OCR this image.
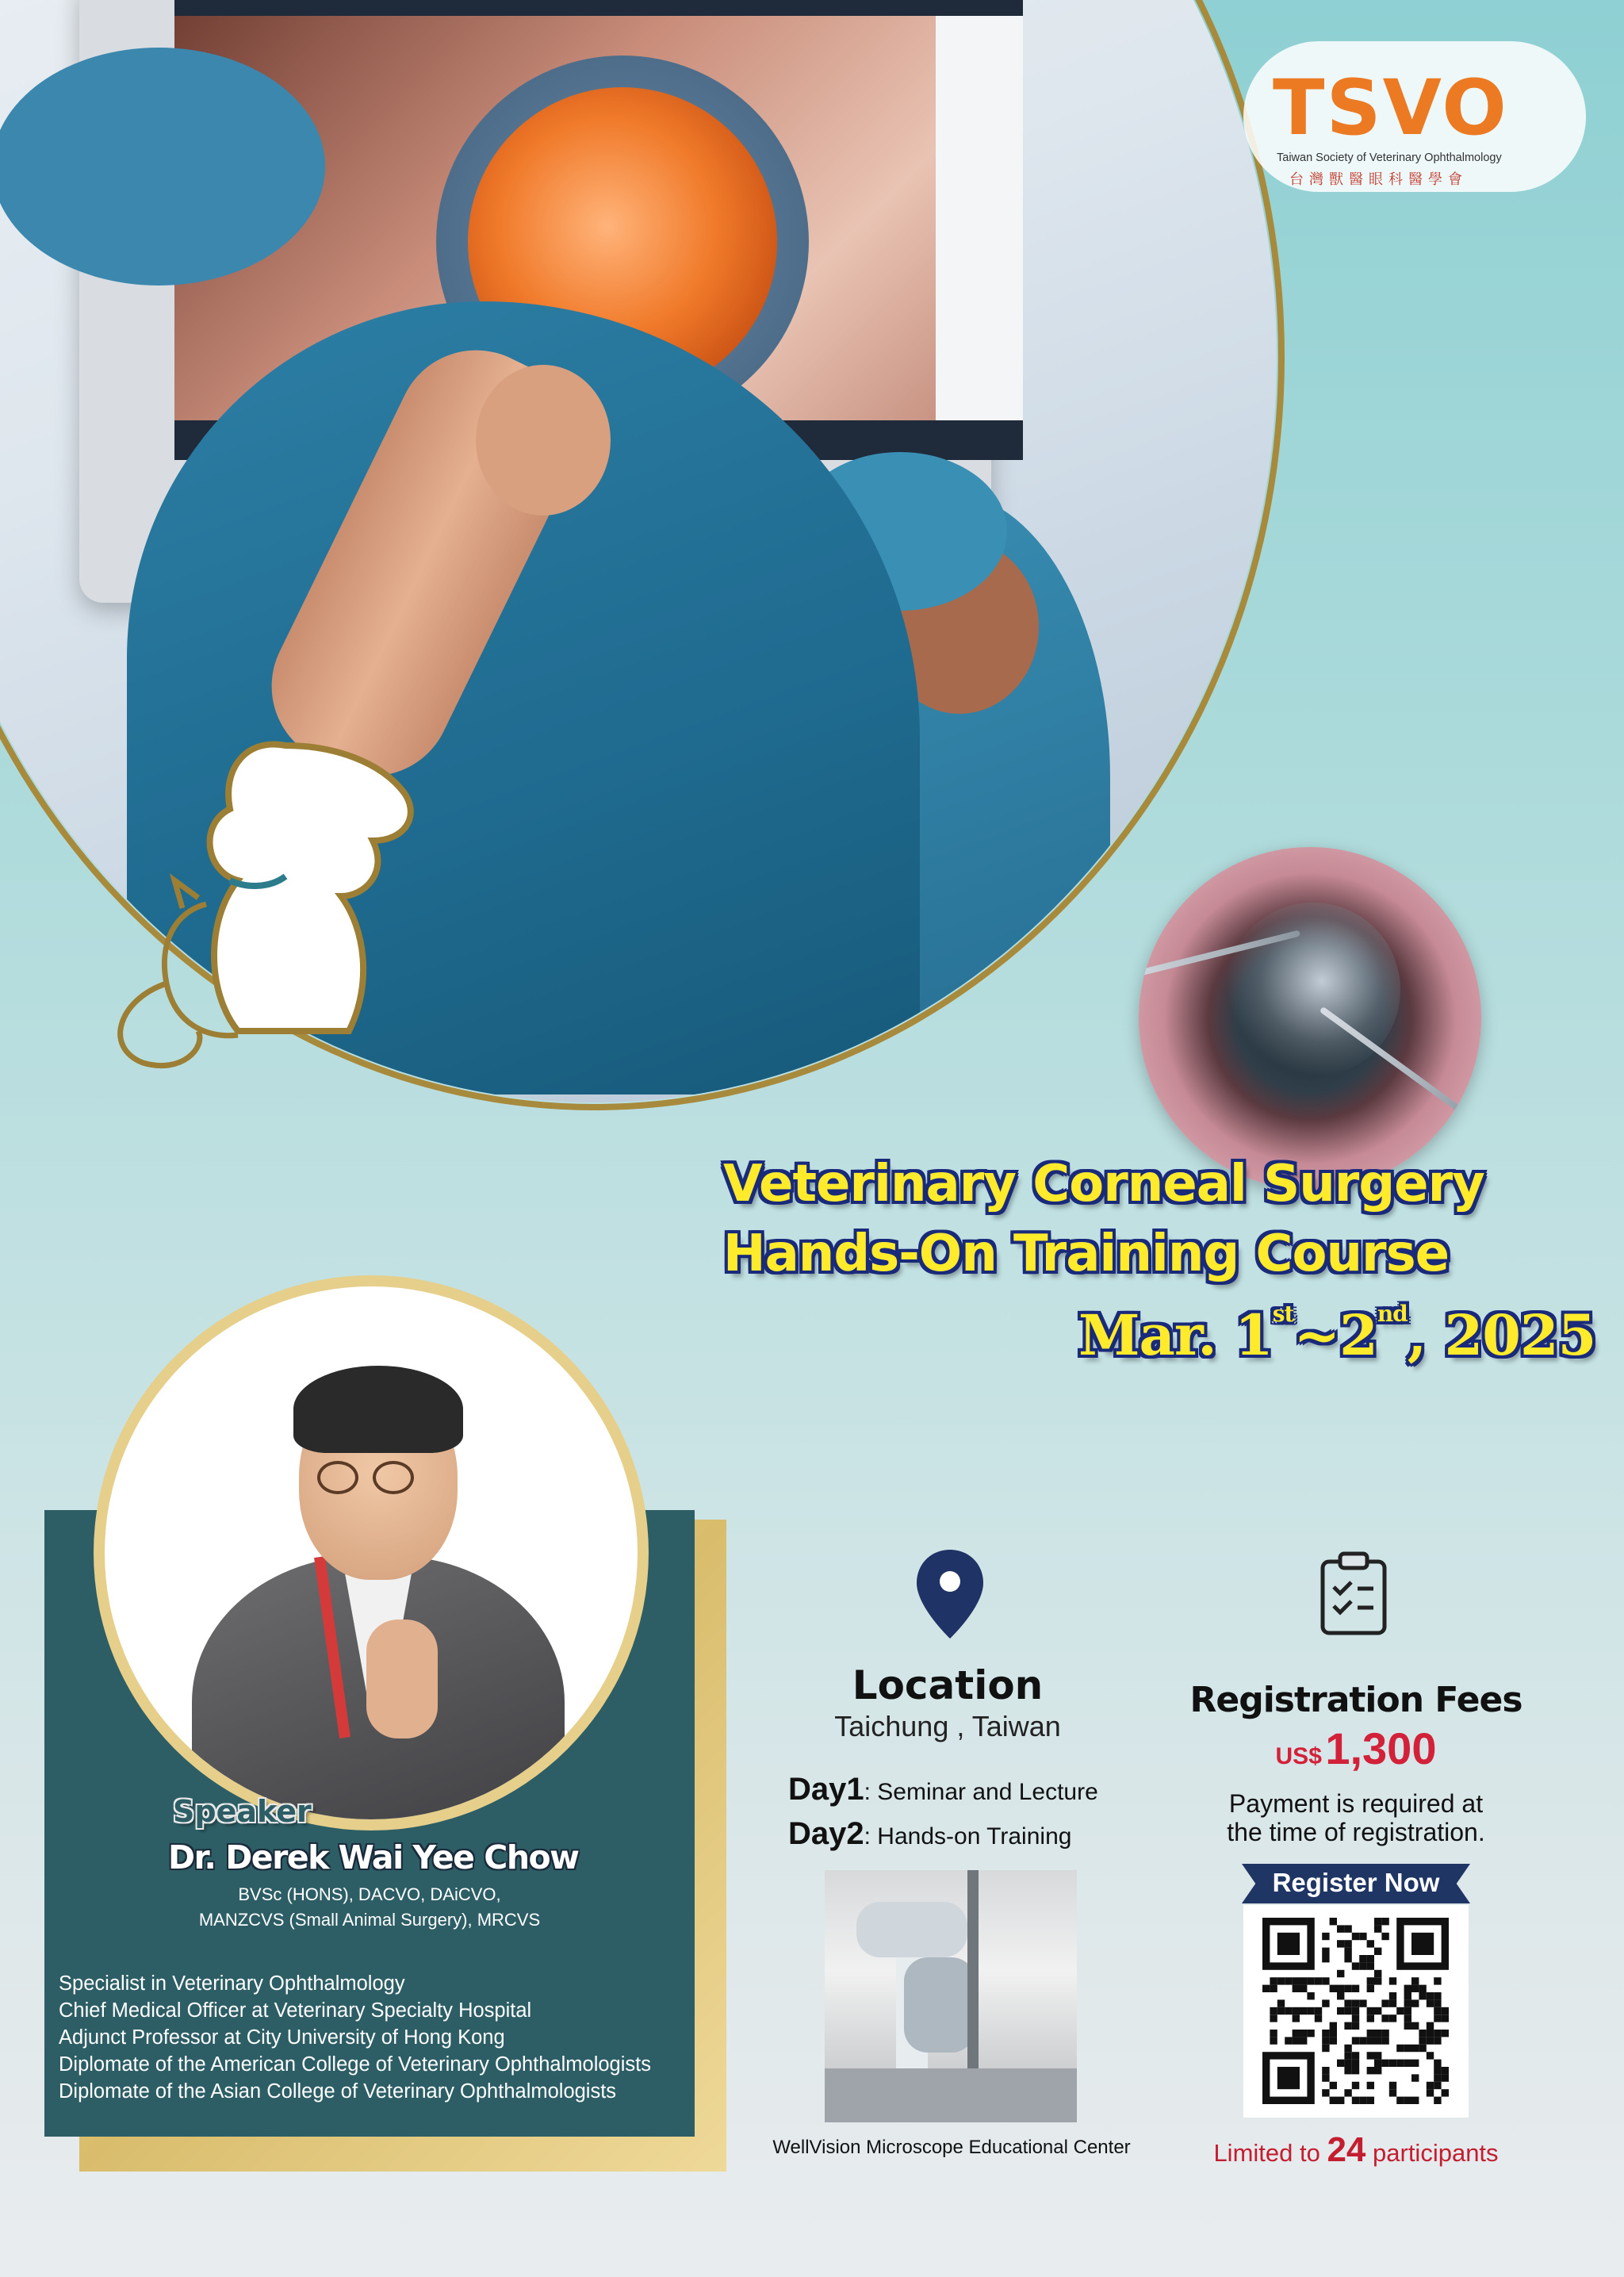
TSVO
Taiwan Society of Veterinary Ophthalmology
台灣獸醫眼科醫學會
Veterinary Corneal Surgery
Hands-On Training Course
Mar. 1st~2nd, 2025
Speaker
Dr. Derek Wai Yee Chow
BVSc (HONS), DACVO, DAiCVO,
MANZCVS (Small Animal Surgery), MRCVS
Specialist in Veterinary Ophthalmology
Chief Medical Officer at Veterinary Specialty Hospital
Adjunct Professor at City University of Hong Kong
Diplomate of the American College of Veterinary Ophthalmologists
Diplomate of the Asian College of Veterinary Ophthalmologists
Location
Taichung , Taiwan
Day1: Seminar and Lecture
Day2: Hands-on Training
WellVision Microscope Educational Center
Registration Fees
US$ 1,300
Payment is required at
the time of registration.
Register Now
Limited to 24 participants
